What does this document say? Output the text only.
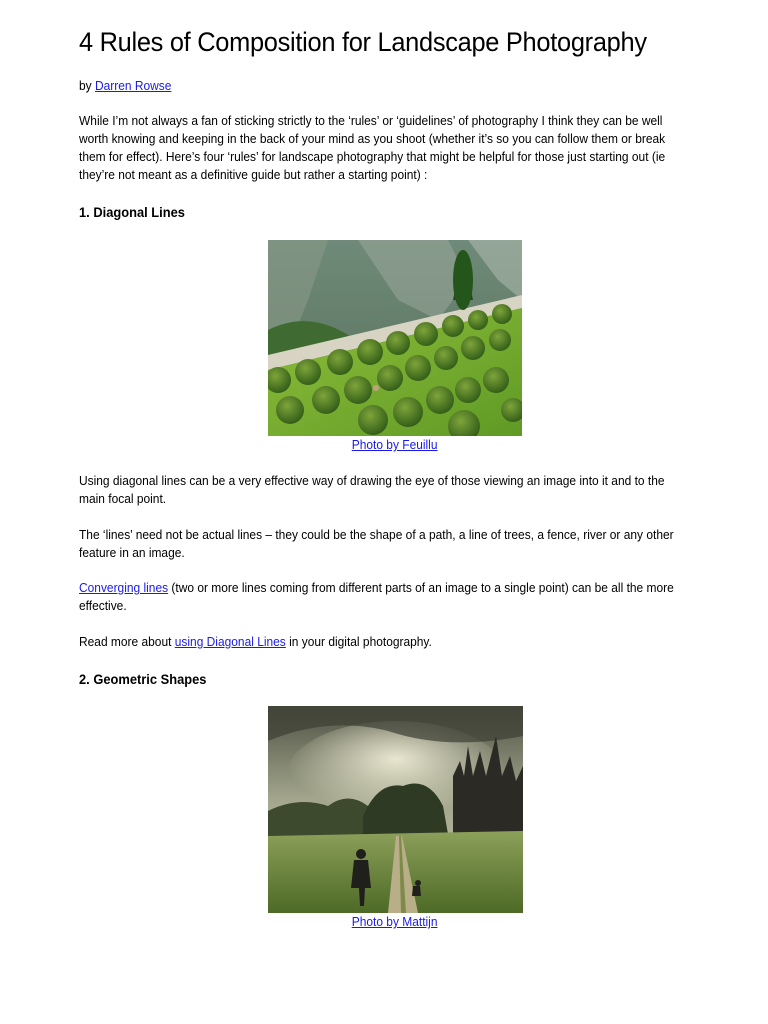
4 Rules of Composition for Landscape Photography
by Darren Rowse

While I’m not always a fan of sticking strictly to the ‘rules’ or ‘guidelines’ of photography I think they can be well worth knowing and keeping in the back of your mind as you shoot (whether it’s so you can follow them or break them for effect). Here’s four ‘rules’ for landscape photography that might be helpful for those just starting out (ie they’re not meant as a definitive guide but rather a starting point) :

1. Diagonal Lines
Photo by Feuillu

Using diagonal lines can be a very effective way of drawing the eye of those viewing an image into it and to the main focal point.

The ‘lines’ need not be actual lines – they could be the shape of a path, a line of trees, a fence, river or any other feature in an image.

Converging lines (two or more lines coming from different parts of an image to a single point) can be all the more effective.

Read more about using Diagonal Lines in your digital photography.

2. Geometric Shapes
Photo by Mattijn
